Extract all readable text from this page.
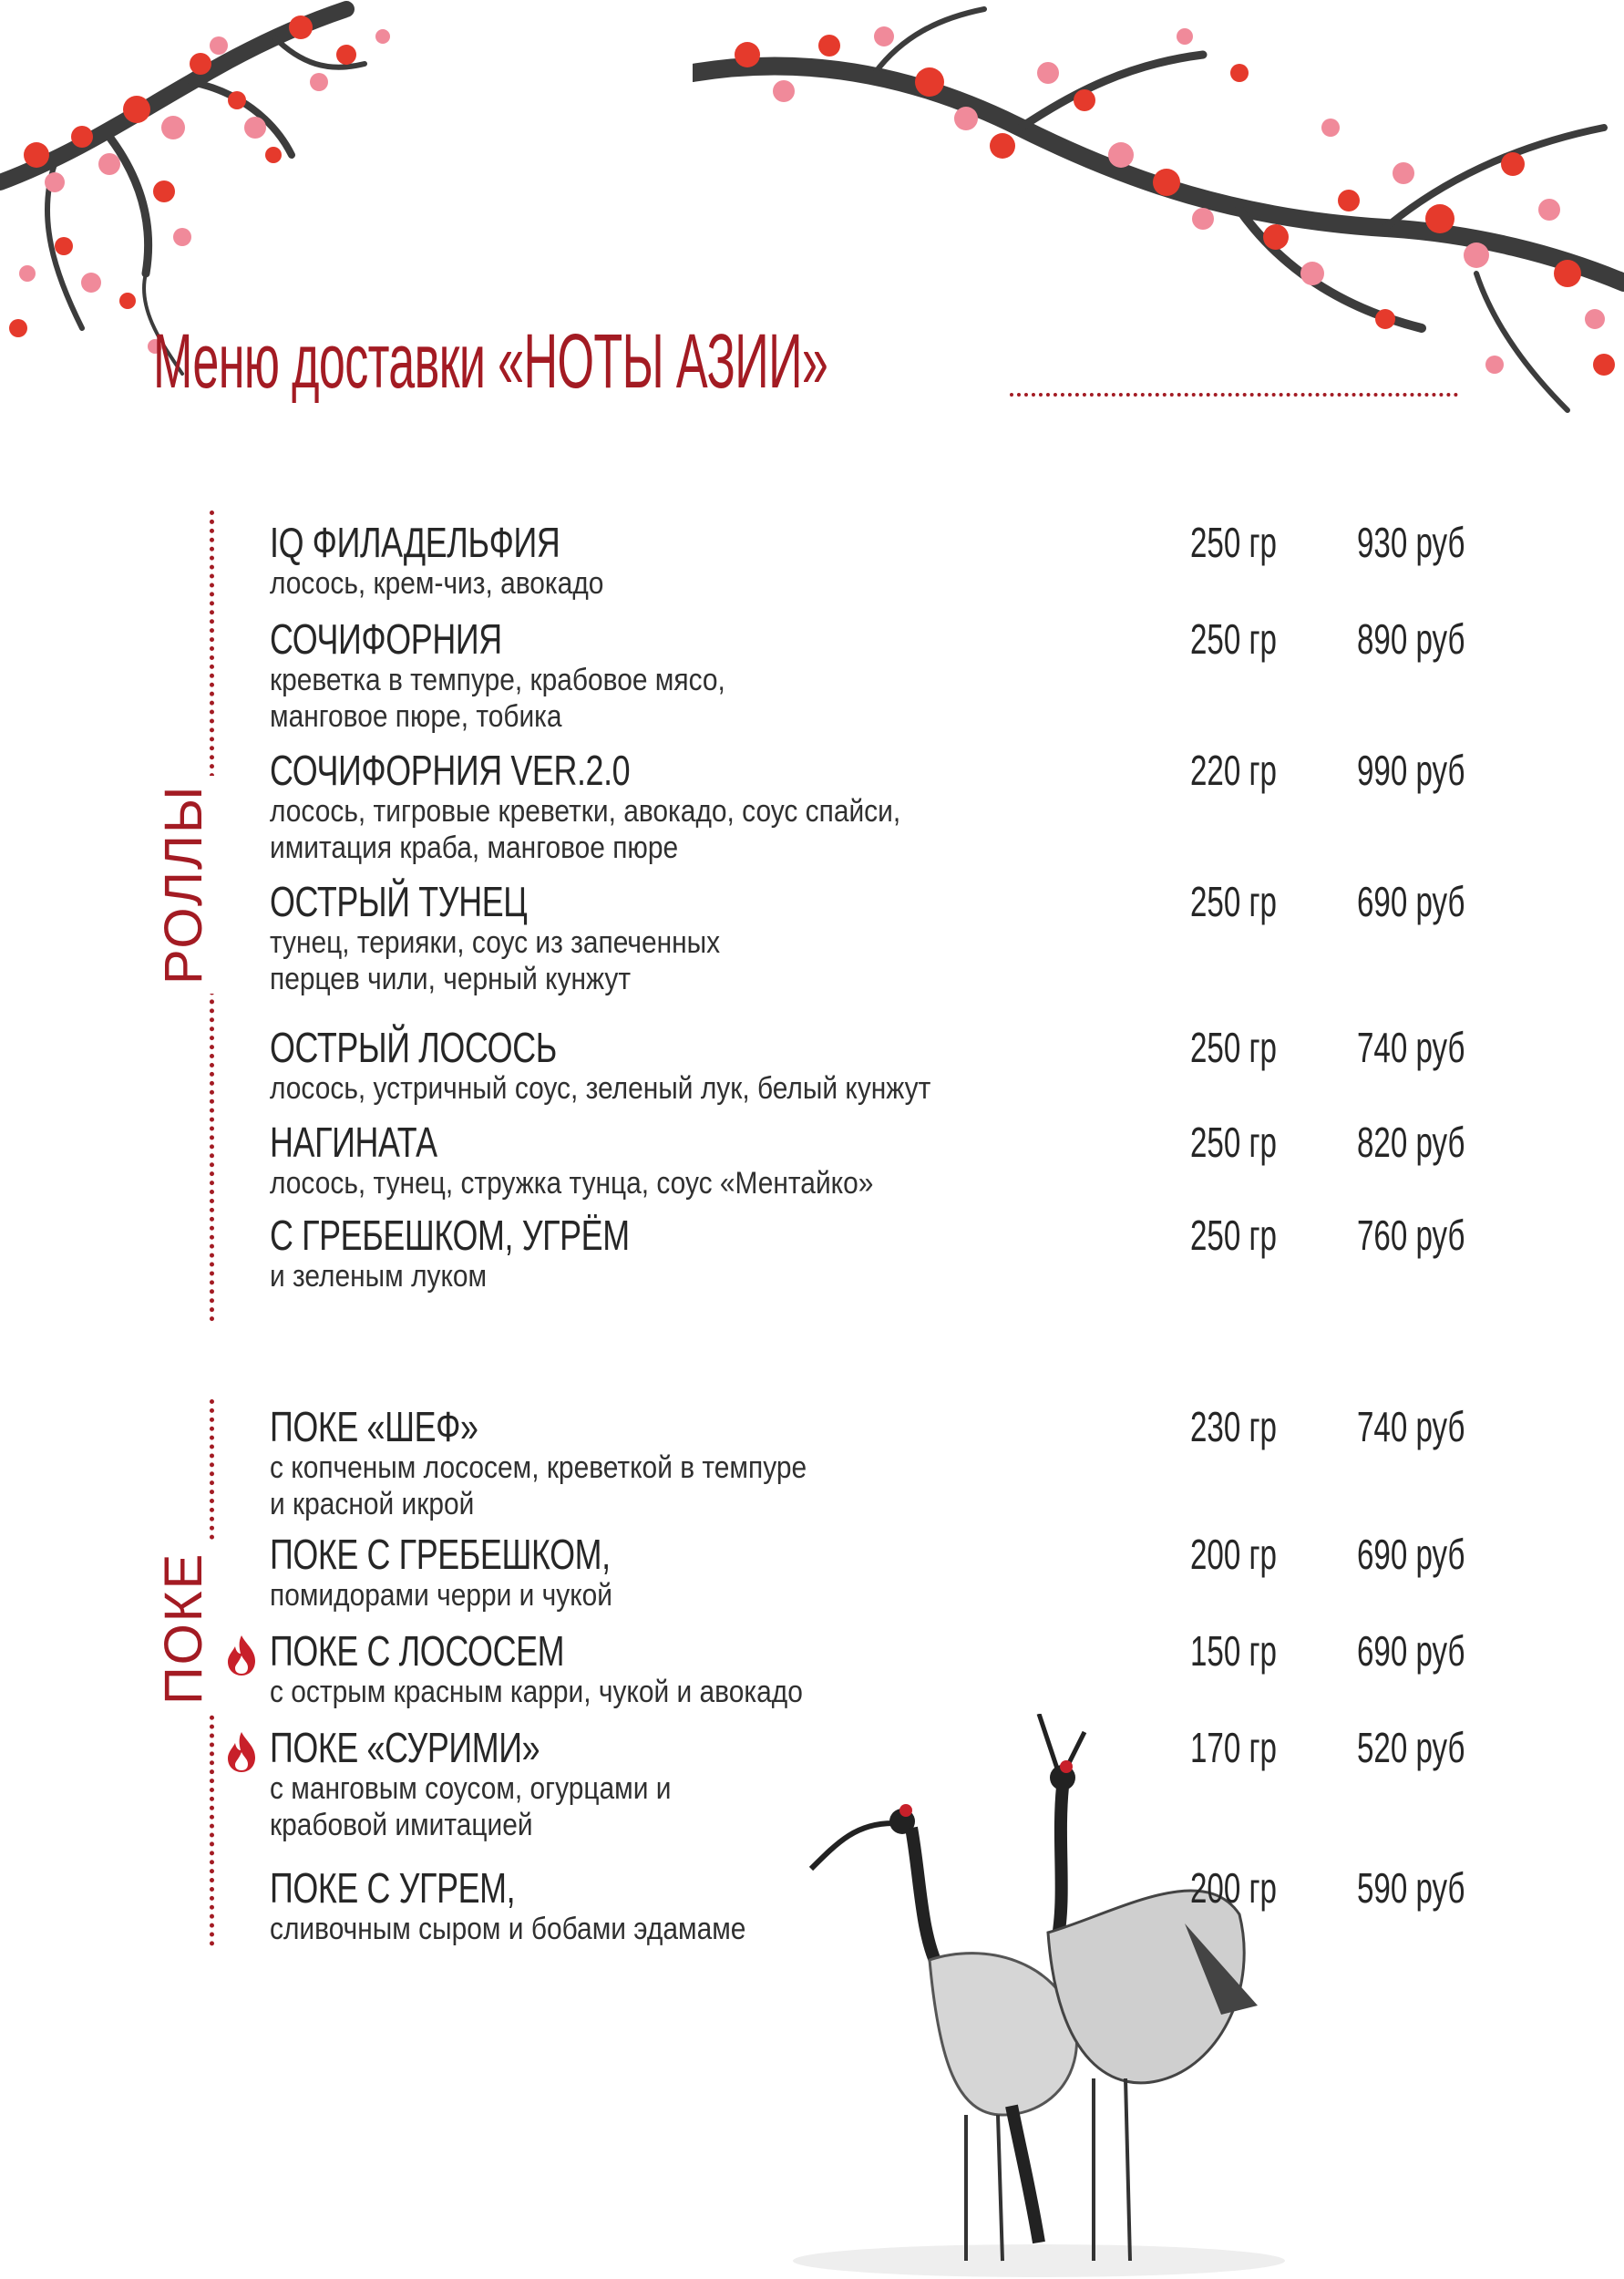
Меню доставки «НОТЫ АЗИИ»
РОЛЛЫ
ПОКЕ
IQ ФИЛАДЕЛЬФИЯ
лосось, крем-чиз, авокадо
250 гр 930 руб
СОЧИФОРНИЯ
креветка в темпуре, крабовое мясо,
манговое пюре, тобика
250 гр 890 руб
СОЧИФОРНИЯ VER.2.0
лосось, тигровые креветки, авокадо, соус спайси,
имитация краба, манговое пюре
220 гр 990 руб
ОСТРЫЙ ТУНЕЦ
тунец, терияки, соус из запеченных
перцев чили, черный кунжут
250 гр 690 руб
ОСТРЫЙ ЛОСОСЬ
лосось, устричный соус, зеленый лук, белый кунжут
250 гр 740 руб
НАГИНАТА
лосось, тунец, стружка тунца, соус «Ментайко»
250 гр 820 руб
С ГРЕБЕШКОМ, УГРЁМ
и зеленым луком
250 гр 760 руб
ПОКЕ «ШЕФ»
с копченым лососем, креветкой в темпуре
и красной икрой
230 гр 740 руб
ПОКЕ С ГРЕБЕШКОМ,
помидорами черри и чукой
200 гр 690 руб
ПОКЕ С ЛОСОСЕМ
с острым красным карри, чукой и авокадо
150 гр 690 руб
ПОКЕ «СУРИМИ»
с манговым соусом, огурцами и
крабовой имитацией
170 гр 520 руб
ПОКЕ С УГРЕМ,
сливочным сыром и бобами эдамаме
200 гр 590 руб
